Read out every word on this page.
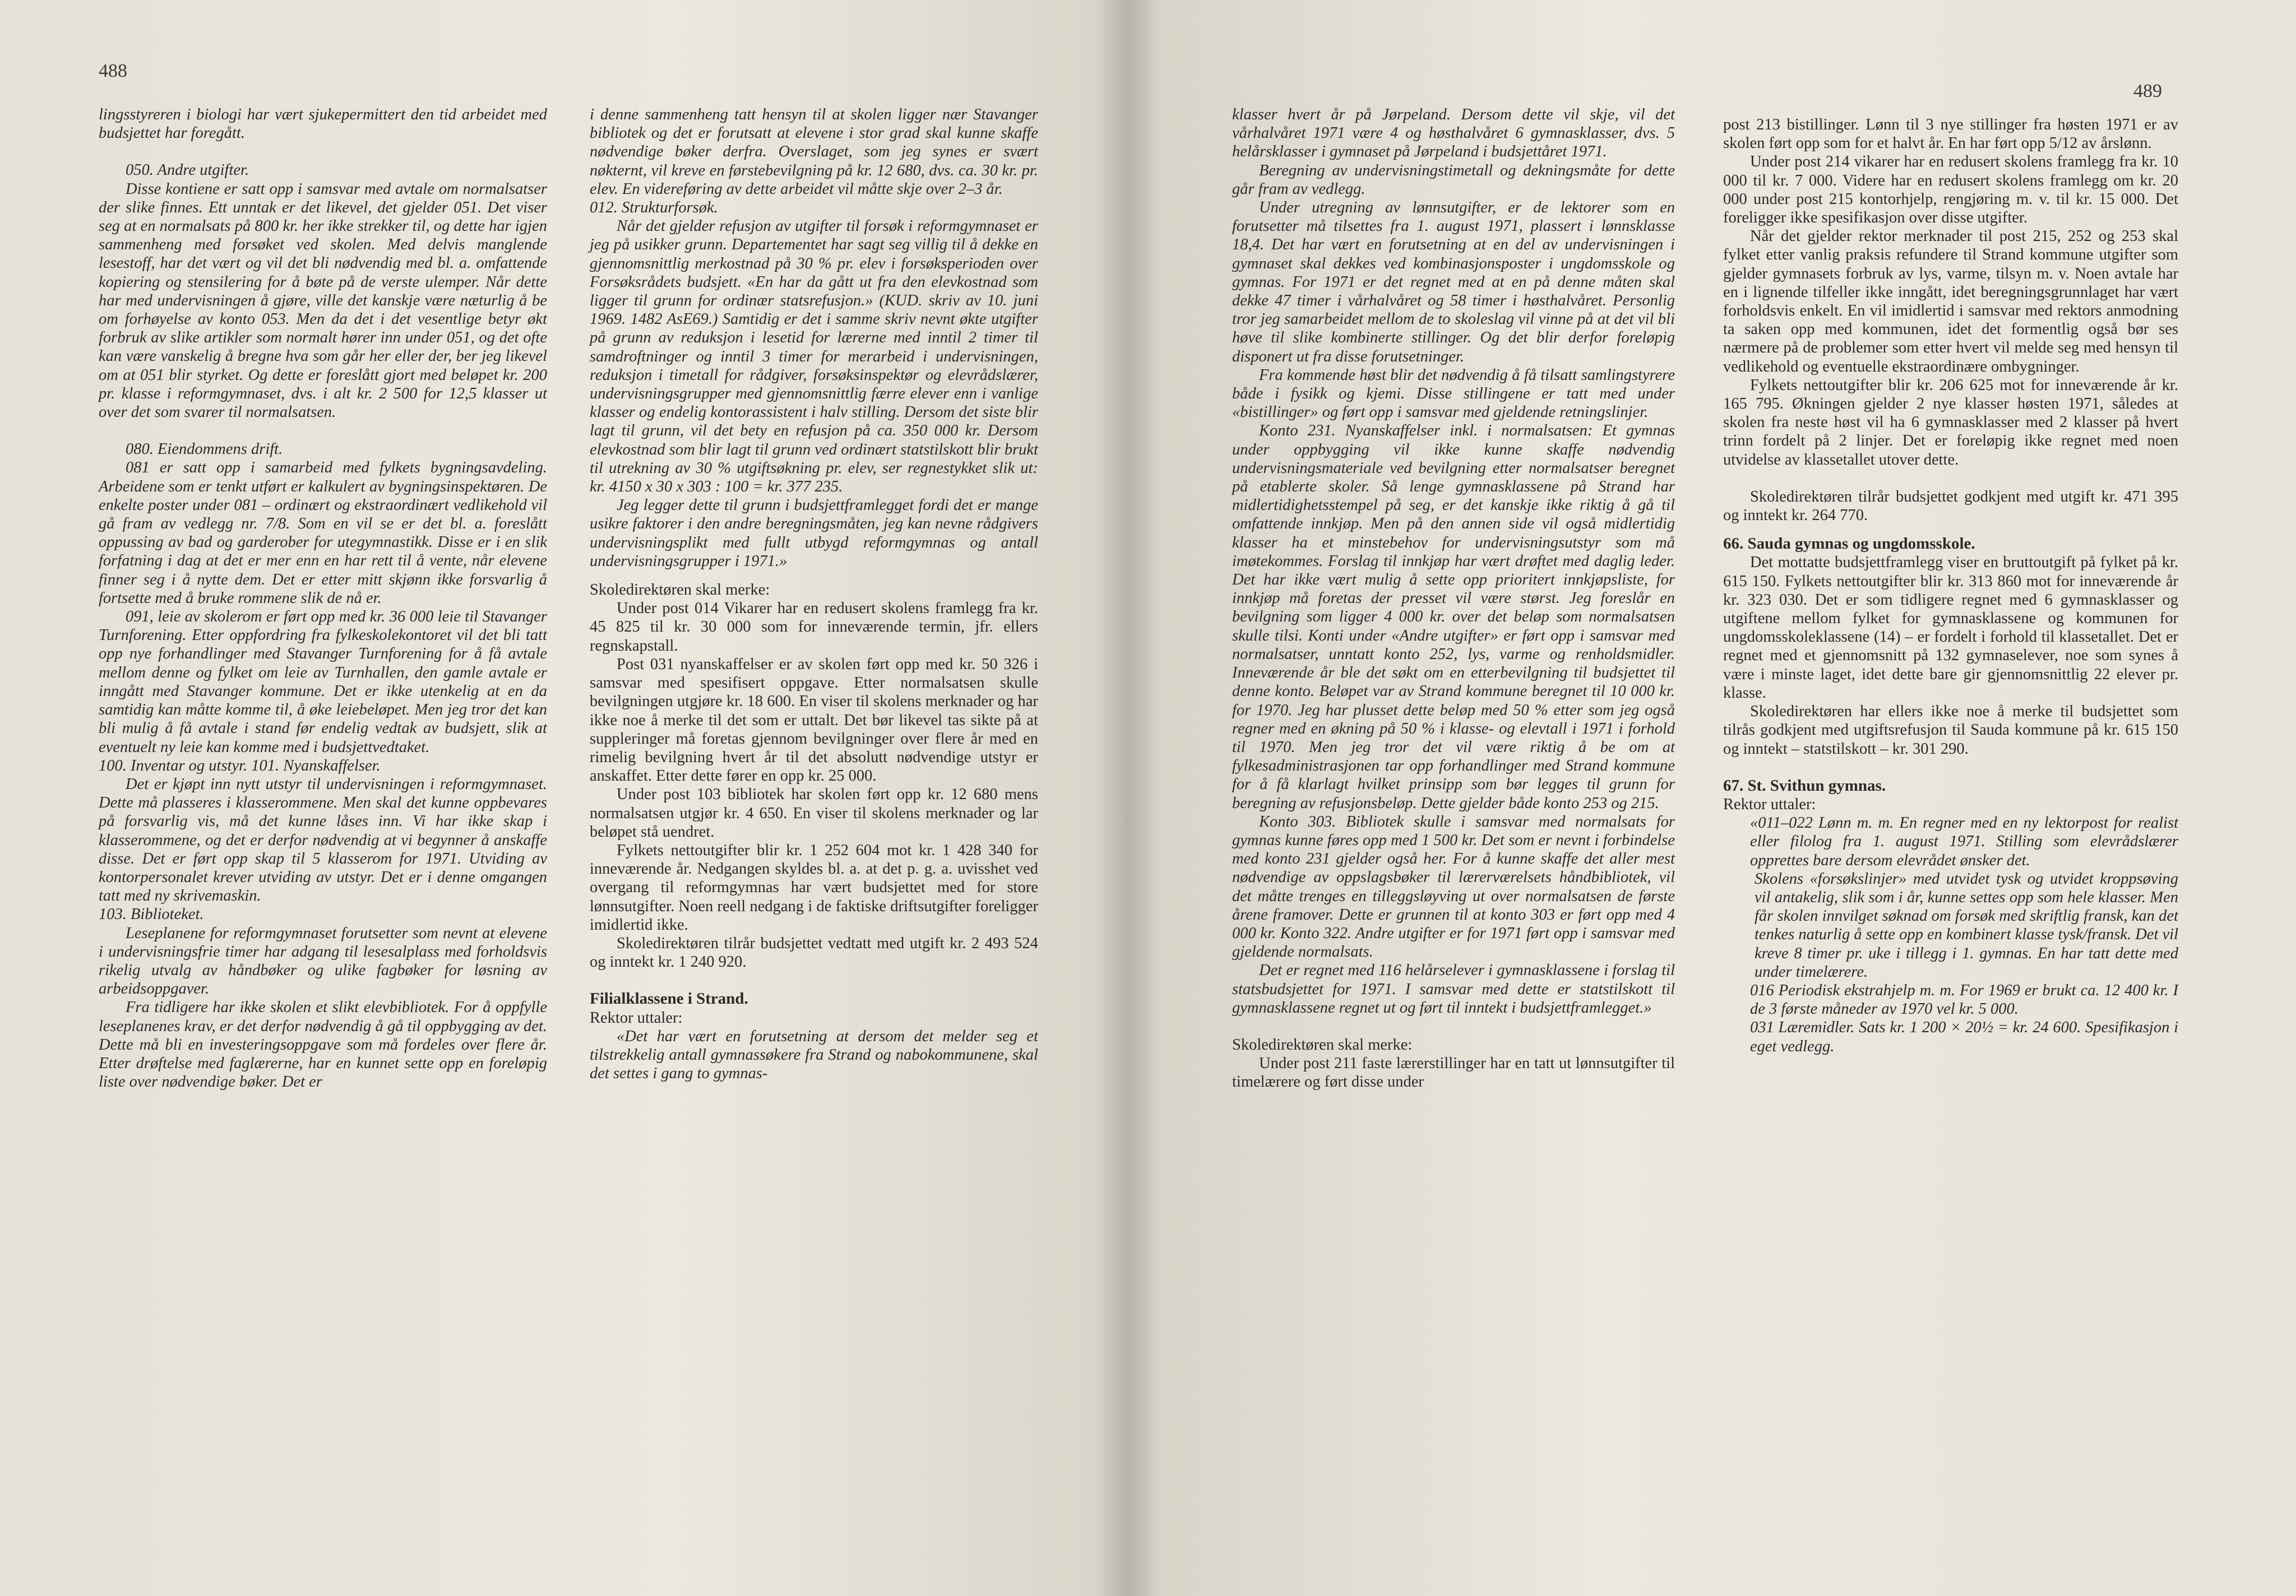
488

lingsstyreren i biologi har vært sjukepermittert den tid arbeidet med budsjettet har foregått.

050. Andre utgifter.

Disse kontiene er satt opp i samsvar med avtale om normalsatser der slike finnes. Ett unntak er det likevel, det gjelder 051. Det viser seg at en normalsats på 800 kr. her ikke strekker til, og dette har igjen sammenheng med forsøket ved skolen. Med delvis manglende lesestoff, har det vært og vil det bli nødvendig med bl. a. omfattende kopiering og stensilering for å bøte på de verste ulemper. Når dette har med undervisningen å gjøre, ville det kanskje være næturlig å be om forhøyelse av konto 053. Men da det i det vesentlige betyr økt forbruk av slike artikler som normalt hører inn under 051, og det ofte kan være vanskelig å bregne hva som går her eller der, ber jeg likevel om at 051 blir styrket. Og dette er foreslått gjort med beløpet kr. 200 pr. klasse i reformgymnaset, dvs. i alt kr. 2 500 for 12,5 klasser ut over det som svarer til normalsatsen.

080. Eiendommens drift.

081 er satt opp i samarbeid med fylkets bygningsavdeling. Arbeidene som er tenkt utført er kalkulert av bygningsinspektøren. De enkelte poster under 081 – ordinært og ekstraordinært vedlikehold vil gå fram av vedlegg nr. 7/8. Som en vil se er det bl. a. foreslått oppussing av bad og garderober for utegymnastikk. Disse er i en slik forfatning i dag at det er mer enn en har rett til å vente, når elevene finner seg i å nytte dem. Det er etter mitt skjønn ikke forsvarlig å fortsette med å bruke rommene slik de nå er.

091, leie av skolerom er ført opp med kr. 36 000 leie til Stavanger Turnforening. Etter oppfordring fra fylkeskolekontoret vil det bli tatt opp nye forhandlinger med Stavanger Turnforening for å få avtale mellom denne og fylket om leie av Turnhallen, den gamle avtale er inngått med Stavanger kommune. Det er ikke utenkelig at en da samtidig kan måtte komme til, å øke leiebeløpet. Men jeg tror det kan bli mulig å få avtale i stand før endelig vedtak av budsjett, slik at eventuelt ny leie kan komme med i budsjettvedtaket.

100. Inventar og utstyr. 101. Nyanskaffelser.

Det er kjøpt inn nytt utstyr til undervisningen i reformgymnaset. Dette må plasseres i klasserommene. Men skal det kunne oppbevares på forsvarlig vis, må det kunne låses inn. Vi har ikke skap i klasserommene, og det er derfor nødvendig at vi begynner å anskaffe disse. Det er ført opp skap til 5 klasserom for 1971. Utviding av kontorpersonalet krever utviding av utstyr. Det er i denne omgangen tatt med ny skrivemaskin.

103. Biblioteket.

Leseplanene for reformgymnaset forutsetter som nevnt at elevene i undervisningsfrie timer har adgang til lesesalplass med forholdsvis rikelig utvalg av håndbøker og ulike fagbøker for løsning av arbeidsoppgaver.

Fra tidligere har ikke skolen et slikt elevbibliotek. For å oppfylle leseplanenes krav, er det derfor nødvendig å gå til oppbygging av det. Dette må bli en investeringsoppgave som må fordeles over flere år. Etter drøftelse med faglærerne, har en kunnet sette opp en foreløpig liste over nødvendige bøker. Det er

i denne sammenheng tatt hensyn til at skolen ligger nær Stavanger bibliotek og det er forutsatt at elevene i stor grad skal kunne skaffe nødvendige bøker derfra. Overslaget, som jeg synes er svært nøkternt, vil kreve en førstebevilgning på kr. 12 680, dvs. ca. 30 kr. pr. elev. En videreføring av dette arbeidet vil måtte skje over 2–3 år.

012. Strukturforsøk.

Når det gjelder refusjon av utgifter til forsøk i reformgymnaset er jeg på usikker grunn. Departementet har sagt seg villig til å dekke en gjennomsnittlig merkostnad på 30 % pr. elev i forsøksperioden over Forsøksrådets budsjett. «En har da gått ut fra den elevkostnad som ligger til grunn for ordinær statsrefusjon.» (KUD. skriv av 10. juni 1969. 1482 AsE69.) Samtidig er det i samme skriv nevnt økte utgifter på grunn av reduksjon i lesetid for lærerne med inntil 2 timer til samdroftninger og inntil 3 timer for merarbeid i undervisningen, reduksjon i timetall for rådgiver, forsøksinspektør og elevrådslærer, undervisningsgrupper med gjennomsnittlig færre elever enn i vanlige klasser og endelig kontorassistent i halv stilling. Dersom det siste blir lagt til grunn, vil det bety en refusjon på ca. 350 000 kr. Dersom elevkostnad som blir lagt til grunn ved ordinært statstilskott blir brukt til utrekning av 30 % utgiftsøkning pr. elev, ser regnestykket slik ut: kr. 4150 x 30 x 303 : 100 = kr. 377 235.

Jeg legger dette til grunn i budsjettframlegget fordi det er mange usikre faktorer i den andre beregningsmåten, jeg kan nevne rådgivers undervisningsplikt med fullt utbygd reformgymnas og antall undervisningsgrupper i 1971.»

Skoledirektøren skal merke:

Under post 014 Vikarer har en redusert skolens framlegg fra kr. 45 825 til kr. 30 000 som for inneværende termin, jfr. ellers regnskapstall.

Post 031 nyanskaffelser er av skolen ført opp med kr. 50 326 i samsvar med spesifisert oppgave. Etter normalsatsen skulle bevilgningen utgjøre kr. 18 600. En viser til skolens merknader og har ikke noe å merke til det som er uttalt. Det bør likevel tas sikte på at suppleringer må foretas gjennom bevilgninger over flere år med en rimelig bevilgning hvert år til det absolutt nødvendige utstyr er anskaffet. Etter dette fører en opp kr. 25 000.

Under post 103 bibliotek har skolen ført opp kr. 12 680 mens normalsatsen utgjør kr. 4 650. En viser til skolens merknader og lar beløpet stå uendret.

Fylkets nettoutgifter blir kr. 1 252 604 mot kr. 1 428 340 for inneværende år. Nedgangen skyldes bl. a. at det p. g. a. uvisshet ved overgang til reformgymnas har vært budsjettet med for store lønnsutgifter. Noen reell nedgang i de faktiske driftsutgifter foreligger imidlertid ikke.

Skoledirektøren tilrår budsjettet vedtatt med utgift kr. 2 493 524 og inntekt kr. 1 240 920.

Filialklassene i Strand.

Rektor uttaler:

«Det har vært en forutsetning at dersom det melder seg et tilstrekkelig antall gymnassøkere fra Strand og nabokommunene, skal det settes i gang to gymnas-

489

klasser hvert år på Jørpeland. Dersom dette vil skje, vil det vårhalvåret 1971 være 4 og høsthalvåret 6 gymnasklasser, dvs. 5 helårsklasser i gymnaset på Jørpeland i budsjettåret 1971.

Beregning av undervisningstimetall og dekningsmåte for dette går fram av vedlegg.

Under utregning av lønnsutgifter, er de lektorer som en forutsetter må tilsettes fra 1. august 1971, plassert i lønnsklasse 18,4. Det har vært en forutsetning at en del av undervisningen i gymnaset skal dekkes ved kombinasjonsposter i ungdomsskole og gymnas. For 1971 er det regnet med at en på denne måten skal dekke 47 timer i vårhalvåret og 58 timer i høsthalvåret. Personlig tror jeg samarbeidet mellom de to skoleslag vil vinne på at det vil bli høve til slike kombinerte stillinger. Og det blir derfor foreløpig disponert ut fra disse forutsetninger.

Fra kommende høst blir det nødvendig å få tilsatt samlingstyrere både i fysikk og kjemi. Disse stillingene er tatt med under «bistillinger» og ført opp i samsvar med gjeldende retningslinjer.

Konto 231. Nyanskaffelser inkl. i normalsatsen: Et gymnas under oppbygging vil ikke kunne skaffe nødvendig undervisningsmateriale ved bevilgning etter normalsatser beregnet på etablerte skoler. Så lenge gymnasklassene på Strand har midlertidighetsstempel på seg, er det kanskje ikke riktig å gå til omfattende innkjøp. Men på den annen side vil også midlertidig klasser ha et minstebehov for undervisningsutstyr som må imøtekommes. Forslag til innkjøp har vært drøftet med daglig leder. Det har ikke vært mulig å sette opp prioritert innkjøpsliste, for innkjøp må foretas der presset vil være størst. Jeg foreslår en bevilgning som ligger 4 000 kr. over det beløp som normalsatsen skulle tilsi. Konti under «Andre utgifter» er ført opp i samsvar med normalsatser, unntatt konto 252, lys, varme og renholdsmidler. Inneværende år ble det søkt om en etterbevilgning til budsjettet til denne konto. Beløpet var av Strand kommune beregnet til 10 000 kr. for 1970. Jeg har plusset dette beløp med 50 % etter som jeg også regner med en økning på 50 % i klasse- og elevtall i 1971 i forhold til 1970. Men jeg tror det vil være riktig å be om at fylkesadministrasjonen tar opp forhandlinger med Strand kommune for å få klarlagt hvilket prinsipp som bør legges til grunn for beregning av refusjonsbeløp. Dette gjelder både konto 253 og 215.

Konto 303. Bibliotek skulle i samsvar med normalsats for gymnas kunne føres opp med 1 500 kr. Det som er nevnt i forbindelse med konto 231 gjelder også her. For å kunne skaffe det aller mest nødvendige av oppslagsbøker til lærerværelsets håndbibliotek, vil det måtte trenges en tilleggsløyving ut over normalsatsen de første årene framover. Dette er grunnen til at konto 303 er ført opp med 4 000 kr. Konto 322. Andre utgifter er for 1971 ført opp i samsvar med gjeldende normalsats.

Det er regnet med 116 helårselever i gymnasklassene i forslag til statsbudsjettet for 1971. I samsvar med dette er statstilskott til gymnasklassene regnet ut og ført til inntekt i budsjettframlegget.»

Skoledirektøren skal merke:

Under post 211 faste lærerstillinger har en tatt ut lønnsutgifter til timelærere og ført disse under

post 213 bistillinger. Lønn til 3 nye stillinger fra høsten 1971 er av skolen ført opp som for et halvt år. En har ført opp 5/12 av årslønn.

Under post 214 vikarer har en redusert skolens framlegg fra kr. 10 000 til kr. 7 000. Videre har en redusert skolens framlegg om kr. 20 000 under post 215 kontorhjelp, rengjøring m. v. til kr. 15 000. Det foreligger ikke spesifikasjon over disse utgifter.

Når det gjelder rektor merknader til post 215, 252 og 253 skal fylket etter vanlig praksis refundere til Strand kommune utgifter som gjelder gymnasets forbruk av lys, varme, tilsyn m. v. Noen avtale har en i lignende tilfeller ikke inngått, idet beregningsgrunnlaget har vært forholdsvis enkelt. En vil imidlertid i samsvar med rektors anmodning ta saken opp med kommunen, idet det formentlig også bør ses nærmere på de problemer som etter hvert vil melde seg med hensyn til vedlikehold og eventuelle ekstraordinære ombygninger.

Fylkets nettoutgifter blir kr. 206 625 mot for inneværende år kr. 165 795. Økningen gjelder 2 nye klasser høsten 1971, således at skolen fra neste høst vil ha 6 gymnasklasser med 2 klasser på hvert trinn fordelt på 2 linjer. Det er foreløpig ikke regnet med noen utvidelse av klassetallet utover dette.

Skoledirektøren tilrår budsjettet godkjent med utgift kr. 471 395 og inntekt kr. 264 770.

66. Sauda gymnas og ungdomsskole.

Det mottatte budsjettframlegg viser en bruttoutgift på fylket på kr. 615 150. Fylkets nettoutgifter blir kr. 313 860 mot for inneværende år kr. 323 030. Det er som tidligere regnet med 6 gymnasklasser og utgiftene mellom fylket for gymnasklassene og kommunen for ungdomsskoleklassene (14) – er fordelt i forhold til klassetallet. Det er regnet med et gjennomsnitt på 132 gymnaselever, noe som synes å være i minste laget, idet dette bare gir gjennomsnittlig 22 elever pr. klasse.

Skoledirektøren har ellers ikke noe å merke til budsjettet som tilrås godkjent med utgiftsrefusjon til Sauda kommune på kr. 615 150 og inntekt – statstilskott – kr. 301 290.

67. St. Svithun gymnas.

Rektor uttaler:

«011–022 Lønn m. m. En regner med en ny lektorpost for realist eller filolog fra 1. august 1971. Stilling som elevrådslærer opprettes bare dersom elevrådet ønsker det.

Skolens «forsøkslinjer» med utvidet tysk og utvidet kroppsøving vil antakelig, slik som i år, kunne settes opp som hele klasser. Men får skolen innvilget søknad om forsøk med skriftlig fransk, kan det tenkes naturlig å sette opp en kombinert klasse tysk/fransk. Det vil kreve 8 timer pr. uke i tillegg i 1. gymnas. En har tatt dette med under timelærere.

016 Periodisk ekstrahjelp m. m. For 1969 er brukt ca. 12 400 kr. I de 3 første måneder av 1970 vel kr. 5 000.

031 Læremidler. Sats kr. 1 200 × 20½ = kr. 24 600. Spesifikasjon i eget vedlegg.
